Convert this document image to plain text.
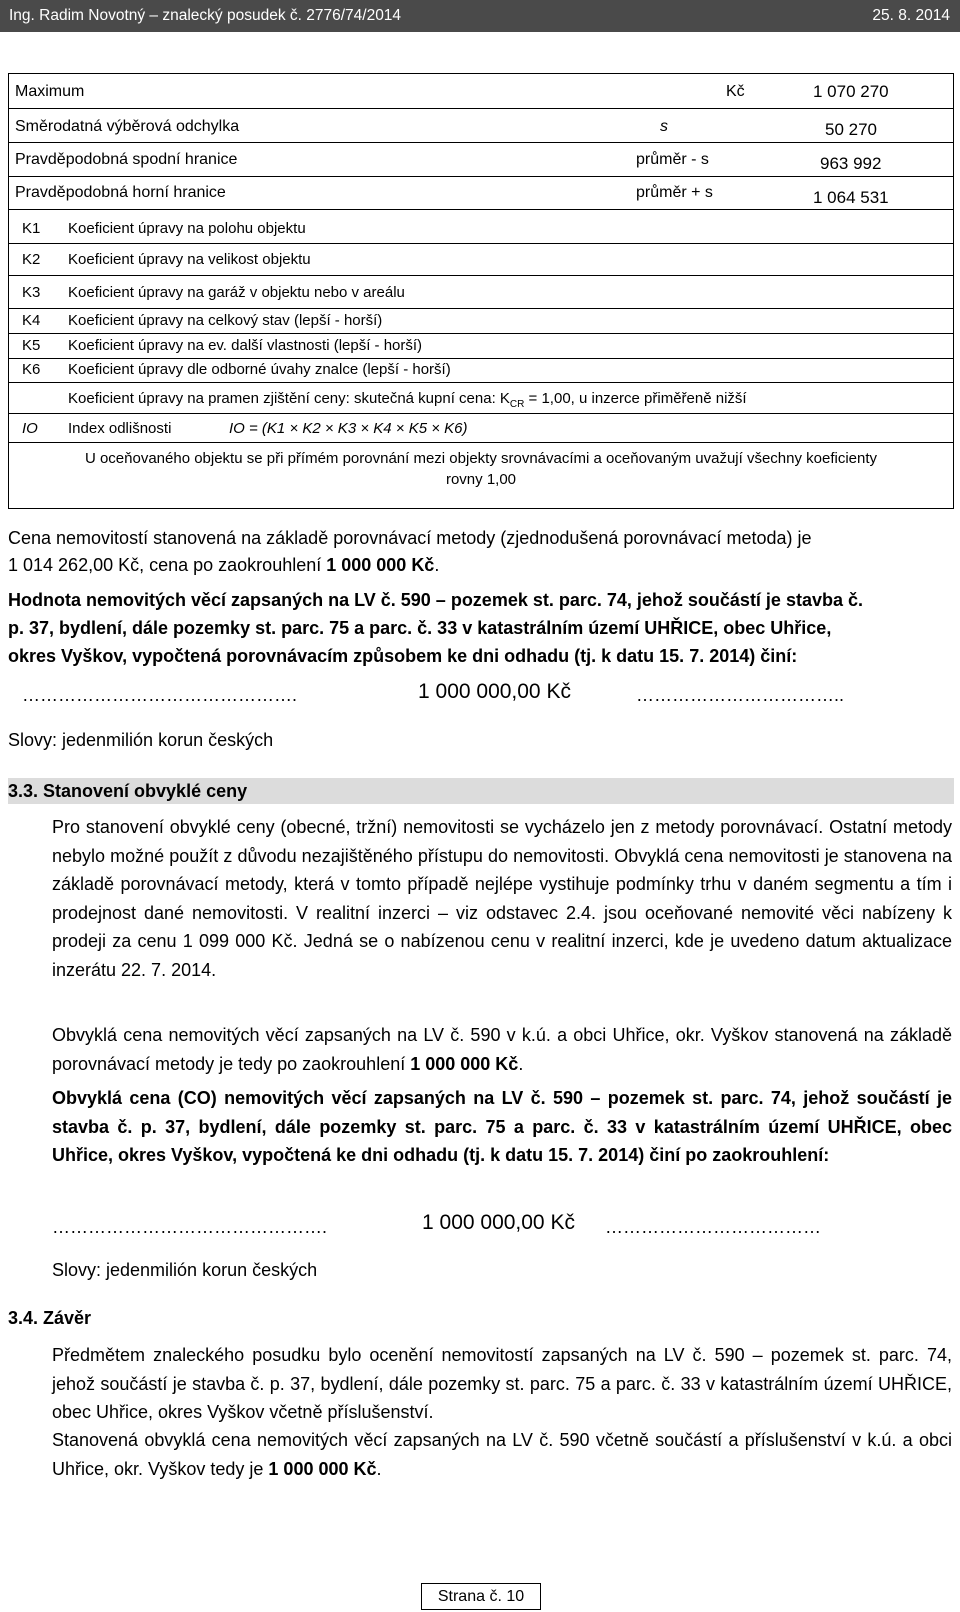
Ing. Radim Novotný – znalecký posudek č. 2776/74/2014	25. 8. 2014
Maximum	Kč	1 070 270
Směrodatná výběrová odchylka	s	50 270
Pravděpodobná spodní hranice	průměr - s	963 992
Pravděpodobná horní hranice	průměr + s	1 064 531
K1 Koeficient úpravy na polohu objektu
K2 Koeficient úpravy na velikost objektu
K3 Koeficient úpravy na garáž v objektu nebo v areálu
K4 Koeficient úpravy na celkový stav (lepší - horší)
K5 Koeficient úpravy na ev. další vlastnosti (lepší - horší)
K6 Koeficient úpravy dle odborné úvahy znalce (lepší - horší)
Koeficient úpravy na pramen zjištění ceny: skutečná kupní cena: $K_{CR} = 1,00$, u inzerce přiměřeně nižší
IO Index odlišnosti	IO = (K1 × K2 × K3 × K4 × K5 × K6)
U oceňovaného objektu se při přímém porovnání mezi objekty srovnávacími a oceňovaným uvažují všechny koeficienty
rovny 1,00
Cena nemovitostí stanovená na základě porovnávací metody (zjednodušená porovnávací metoda) je
1 014 262,00 Kč, cena po zaokrouhlení 1 000 000 Kč.
Hodnota nemovitých věcí zapsaných na LV č. 590 – pozemek st. parc. 74, jehož součástí je stavba č.
p. 37, bydlení, dále pozemky st. parc. 75 a parc. č. 33 v katastrálním území UHŘICE, obec Uhřice,
okres Vyškov, vypočtená porovnávacím způsobem ke dni odhadu (tj. k datu 15. 7. 2014) činí:
……………………………………….	1 000 000,00 Kč	……………………………..
Slovy: jedenmilión korun českých
3.3. Stanovení obvyklé ceny
Pro stanovení obvyklé ceny (obecné, tržní) nemovitosti se vycházelo jen z metody porovnávací. Ostatní metody nebylo možné použít z důvodu nezajištěného přístupu do nemovitosti. Obvyklá cena nemovitosti je stanovena na základě porovnávací metody, která v tomto případě nejlépe vystihuje podmínky trhu v daném segmentu a tím i prodejnost dané nemovitosti. V realitní inzerci – viz odstavec 2.4. jsou oceňované nemovité věci nabízeny k prodeji za cenu 1 099 000 Kč. Jedná se o nabízenou cenu v realitní inzerci, kde je uvedeno datum aktualizace inzerátu 22. 7. 2014.
Obvyklá cena nemovitých věcí zapsaných na LV č. 590 v k.ú. a obci Uhřice, okr. Vyškov stanovená na základě porovnávací metody je tedy po zaokrouhlení 1 000 000 Kč.
Obvyklá cena (CO) nemovitých věcí zapsaných na LV č. 590 – pozemek st. parc. 74, jehož součástí je stavba č. p. 37, bydlení, dále pozemky st. parc. 75 a parc. č. 33 v katastrálním území UHŘICE, obec Uhřice, okres Vyškov, vypočtená ke dni odhadu (tj. k datu 15. 7. 2014) činí po zaokrouhlení:
……………………………………….	1 000 000,00 Kč ………………………………
Slovy: jedenmilión korun českých
3.4. Závěr
Předmětem znaleckého posudku bylo ocenění nemovitostí zapsaných na LV č. 590 – pozemek st. parc. 74, jehož součástí je stavba č. p. 37, bydlení, dále pozemky st. parc. 75 a parc. č. 33 v katastrálním území UHŘICE, obec Uhřice, okres Vyškov včetně příslušenství.
Stanovená obvyklá cena nemovitých věcí zapsaných na LV č. 590 včetně součástí a příslušenství v k.ú. a obci Uhřice, okr. Vyškov tedy je 1 000 000 Kč.
Strana č. 10
